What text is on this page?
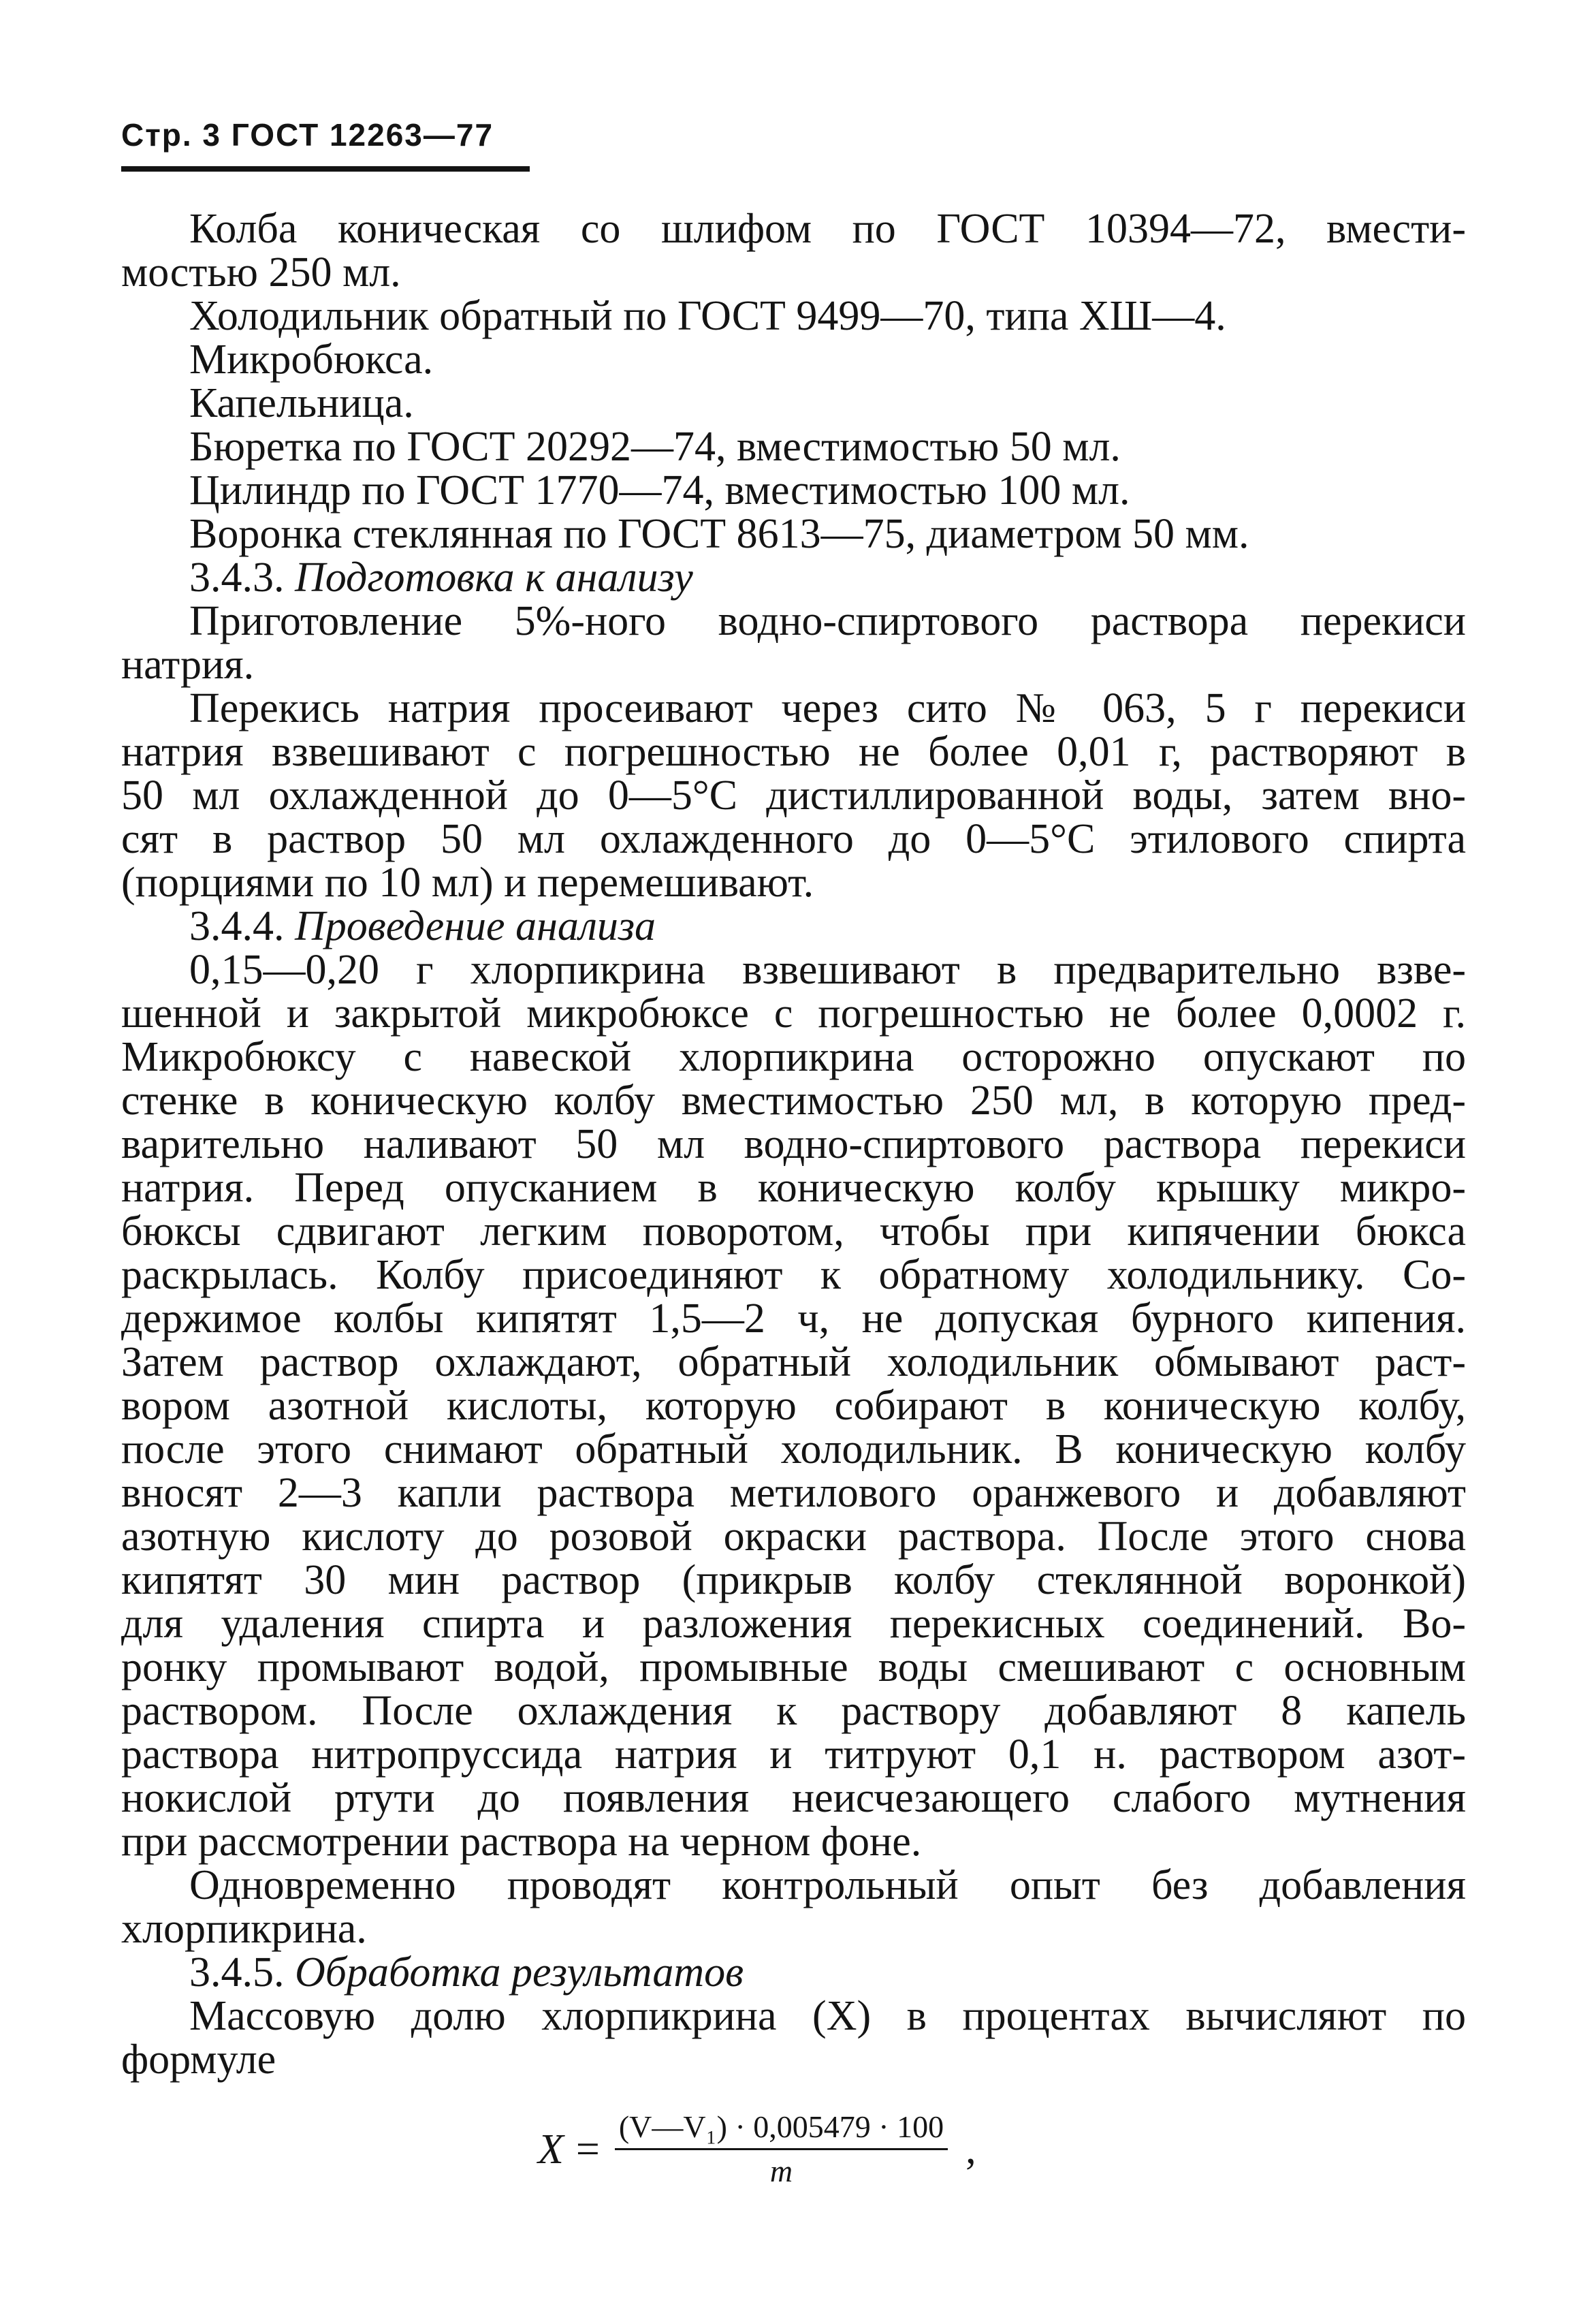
Стр. 3 ГОСТ 12263—77
Колба коническая со шлифом по ГОСТ 10394—72, вмести-
мостью 250 мл.
Холодильник обратный по ГОСТ 9499—70, типа ХШ—4.
Микробюкса.
Капельница.
Бюретка по ГОСТ 20292—74, вместимостью 50 мл.
Цилиндр по ГОСТ 1770—74, вместимостью 100 мл.
Воронка стеклянная по ГОСТ 8613—75, диаметром 50 мм.
3.4.3. Подготовка к анализу
Приготовление 5%-ного водно-спиртового раствора перекиси
натрия.
Перекись натрия просеивают через сито № 063, 5 г перекиси
натрия взвешивают с погрешностью не более 0,01 г, растворяют в
50 мл охлажденной до 0—5°C дистиллированной воды, затем вно-
сят в раствор 50 мл охлажденного до 0—5°C этилового спирта
(порциями по 10 мл) и перемешивают.
3.4.4. Проведение анализа
0,15—0,20 г хлорпикрина взвешивают в предварительно взве-
шенной и закрытой микробюксе с погрешностью не более 0,0002 г.
Микробюксу с навеской хлорпикрина осторожно опускают по
стенке в коническую колбу вместимостью 250 мл, в которую пред-
варительно наливают 50 мл водно-спиртового раствора перекиси
натрия. Перед опусканием в коническую колбу крышку микро-
бюксы сдвигают легким поворотом, чтобы при кипячении бюкса
раскрылась. Колбу присоединяют к обратному холодильнику. Со-
держимое колбы кипятят 1,5—2 ч, не допуская бурного кипения.
Затем раствор охлаждают, обратный холодильник обмывают раст-
вором азотной кислоты, которую собирают в коническую колбу,
после этого снимают обратный холодильник. В коническую колбу
вносят 2—3 капли раствора метилового оранжевого и добавляют
азотную кислоту до розовой окраски раствора. После этого снова
кипятят 30 мин раствор (прикрыв колбу стеклянной воронкой)
для удаления спирта и разложения перекисных соединений. Во-
ронку промывают водой, промывные воды смешивают с основным
раствором. После охлаждения к раствору добавляют 8 капель
раствора нитропруссида натрия и титруют 0,1 н. раствором азот-
нокислой ртути до появления неисчезающего слабого мутнения
при рассмотрении раствора на черном фоне.
Одновременно проводят контрольный опыт без добавления
хлорпикрина.
3.4.5. Обработка результатов
Массовую долю хлорпикрина (X) в процентах вычисляют по
формуле
$X = \frac{\text{(V—V₁) · 0,005479 · 100}}{m}$ ,
